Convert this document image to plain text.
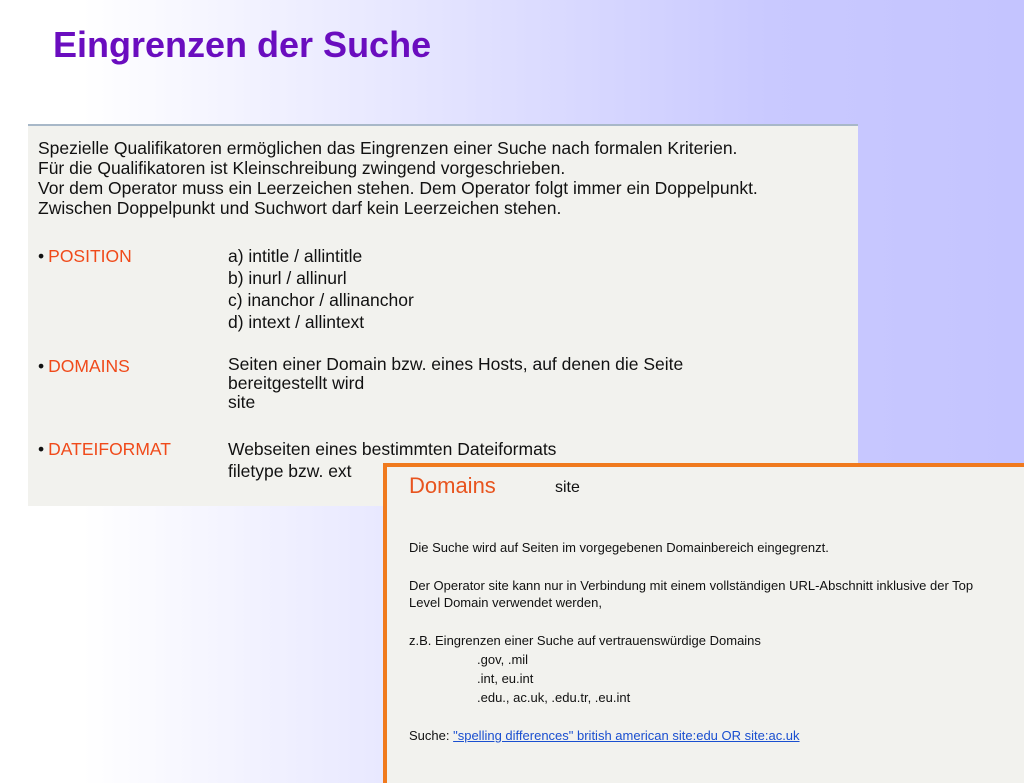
Eingrenzen der Suche
Spezielle Qualifikatoren ermöglichen das Eingrenzen einer Suche nach formalen Kriterien.
Für die Qualifikatoren ist Kleinschreibung zwingend vorgeschrieben.
Vor dem Operator muss ein Leerzeichen stehen. Dem Operator folgt immer ein Doppelpunkt.
Zwischen Doppelpunkt und Suchwort darf kein Leerzeichen stehen.
• POSITION	a) intitle / allintitle
b) inurl / allinurl
c) inanchor / allinanchor
d) intext / allintext
• DOMAINS	Seiten einer Domain bzw. eines Hosts, auf denen die Seite
bereitgestellt wird
site
• DATEIFORMAT	Webseiten eines bestimmten Dateiformats
filetype bzw. ext
Domains	site
Die Suche wird auf Seiten im vorgegebenen Domainbereich eingegrenzt.
Der Operator site kann nur in Verbindung mit einem vollständigen URL-Abschnitt inklusive der Top
Level Domain verwendet werden,
z.B. Eingrenzen einer Suche auf vertrauenswürdige Domains
.gov, .mil
.int, eu.int
.edu., ac.uk, .edu.tr, .eu.int
Suche: "spelling differences" british american site:edu OR site:ac.uk
